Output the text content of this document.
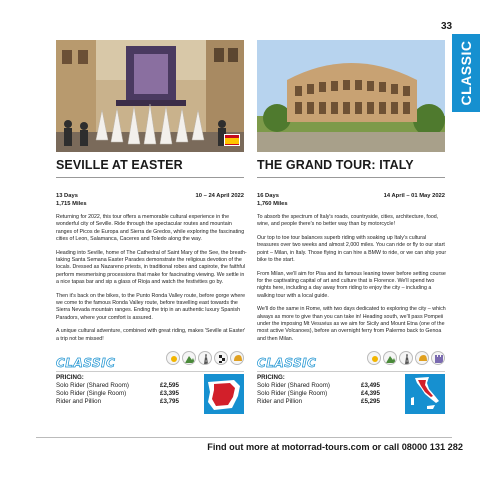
33
CLASSIC
SEVILLE AT EASTER
13 Days
1,715 Miles
10 – 24 April 2022

Returning for 2022, this tour offers a memorable cultural experience in the wonderful city of Seville. Ride through the spectacular routes and mountain ranges of Picos de Europa and Sierra de Gredos, while exploring the fascinating cities of Leon, Salamanca, Caceres and Toledo along the way.

Heading into Seville, home of The Cathedral of Saint Mary of the See, the breath-taking Santa Semana Easter Parades demonstrate the religious devotion of the locals. Dressed as Nazareno priests, in traditional robes and capirote, the faithful perform mesmerising processions that make for fascinating viewing. We settle in a nice tapas bar and sip a glass of Rioja and watch the festivities go by.

Then it's back on the bikes, to the Punto Ronda Valley route, before gorge where we come to the famous Ronda Valley route, before travelling east towards the Sierra Nevada mountain ranges. Ending the trip in an authentic luxury Spanish Paradors, where your comfort is assured.

A unique cultural adventure, combined with great riding, makes 'Seville at Easter' a trip not be missed!

CLASSIC
PRICING:
Solo Rider (Shared Room)	£2,595
Solo Rider (Single Room)	£3,395
Rider and Pillion	£3,795
THE GRAND TOUR: ITALY
16 Days
1,760 Miles
14 April – 01 May 2022

To absorb the spectrum of Italy's roads, countryside, cities, architecture, food, wine, and people there's no better way than by motorcycle!

Our top to toe tour balances superb riding with soaking up Italy's cultural treasures over two weeks and almost 2,000 miles. You can ride or fly to our start point – Milan, in Italy. Those flying in can hire a BMW to ride, or we can ship your bike to the start.

From Milan, we'll aim for Pisa and its famous leaning tower before setting course for the captivating capital of art and culture that is Florence. We'll spend two nights here, including a day away from riding to enjoy the city – including a walking tour with a local guide.

We'll do the same in Rome, with two days dedicated to exploring the city – which always as more to give than you can take in! Heading south, we'll pass Pompeii under the imposing Mt Vesuvius as we aim for Sicily and Mount Etna (one of the most active Volcanoes), before an overnight ferry from Palermo back to Genoa and then Milan.

CLASSIC
PRICING:
Solo Rider (Shared Room)	£3,495
Solo Rider (Single Room)	£4,395
Rider and Pillion	£5,295
Find out more at motorrad-tours.com or call 08000 131 282
